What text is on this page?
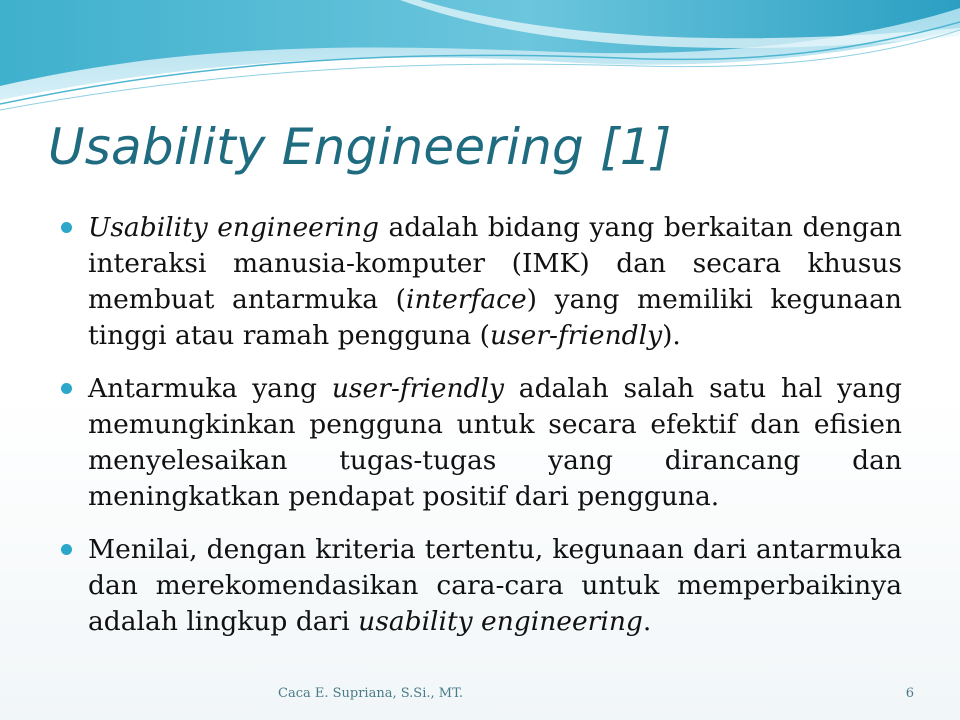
Usability Engineering [1]
Usability engineering adalah bidang yang berkaitan dengan interaksi manusia-komputer (IMK) dan secara khusus membuat antarmuka (interface) yang memiliki kegunaan tinggi atau ramah pengguna (user-friendly).
Antarmuka yang user-friendly adalah salah satu hal yang memungkinkan pengguna untuk secara efektif dan efisien menyelesaikan tugas-tugas yang dirancang dan meningkatkan pendapat positif dari pengguna.
Menilai, dengan kriteria tertentu, kegunaan dari antarmuka dan merekomendasikan cara-cara untuk memperbaikinya adalah lingkup dari usability engineering.
Caca E. Supriana, S.Si., MT.	6
